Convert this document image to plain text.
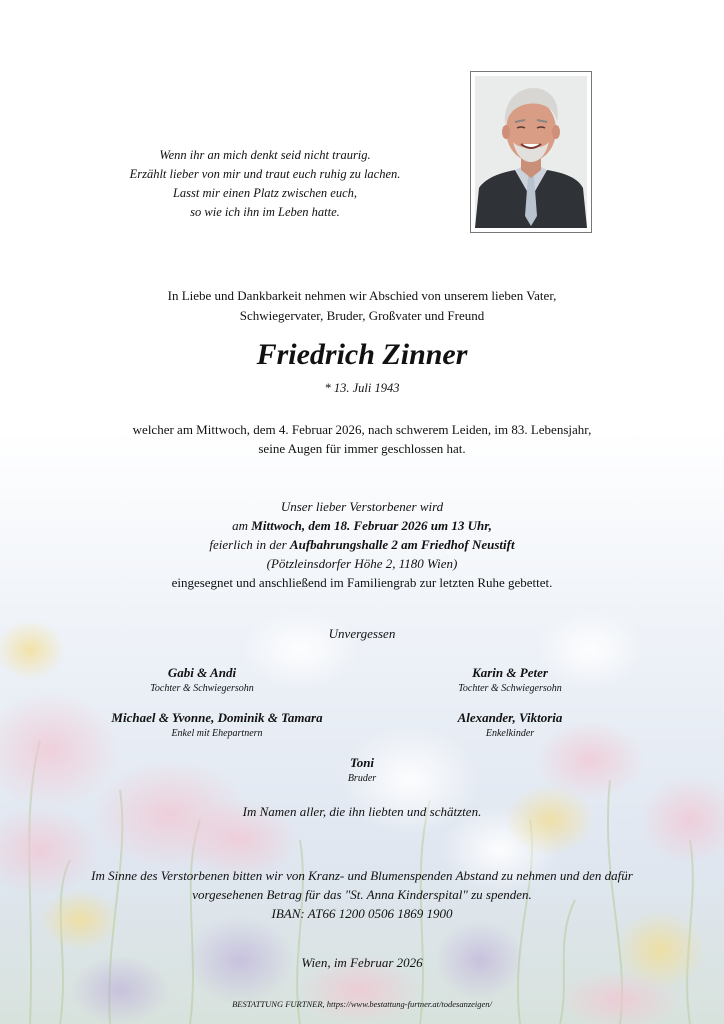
Wenn ihr an mich denkt seid nicht traurig.
Erzählt lieber von mir und traut euch ruhig zu lachen.
Lasst mir einen Platz zwischen euch,
so wie ich ihn im Leben hatte.
In Liebe und Dankbarkeit nehmen wir Abschied von unserem lieben Vater,
Schwiegervater, Bruder, Großvater und Freund
Friedrich Zinner
* 13. Juli 1943
welcher am Mittwoch, dem 4. Februar 2026, nach schwerem Leiden, im 83. Lebensjahr,
seine Augen für immer geschlossen hat.
Unser lieber Verstorbener wird
am Mittwoch, dem 18. Februar 2026 um 13 Uhr,
feierlich in der Aufbahrungshalle 2 am Friedhof Neustift
(Pötzleinsdorfer Höhe 2, 1180 Wien)
eingesegnet und anschließend im Familiengrab zur letzten Ruhe gebettet.
Unvergessen
Gabi & Andi
Tochter & Schwiegersohn
Karin & Peter
Tochter & Schwiegersohn
Michael & Yvonne, Dominik & Tamara
Enkel mit Ehepartnern
Alexander, Viktoria
Enkelkinder
Toni
Bruder
Im Namen aller, die ihn liebten und schätzten.
Im Sinne des Verstorbenen bitten wir von Kranz- und Blumenspenden Abstand zu nehmen und den dafür
vorgesehenen Betrag für das "St. Anna Kinderspital" zu spenden.
IBAN: AT66 1200 0506 1869 1900
Wien, im Februar 2026
BESTATTUNG FURTNER, https://www.bestattung-furtner.at/todesanzeigen/
